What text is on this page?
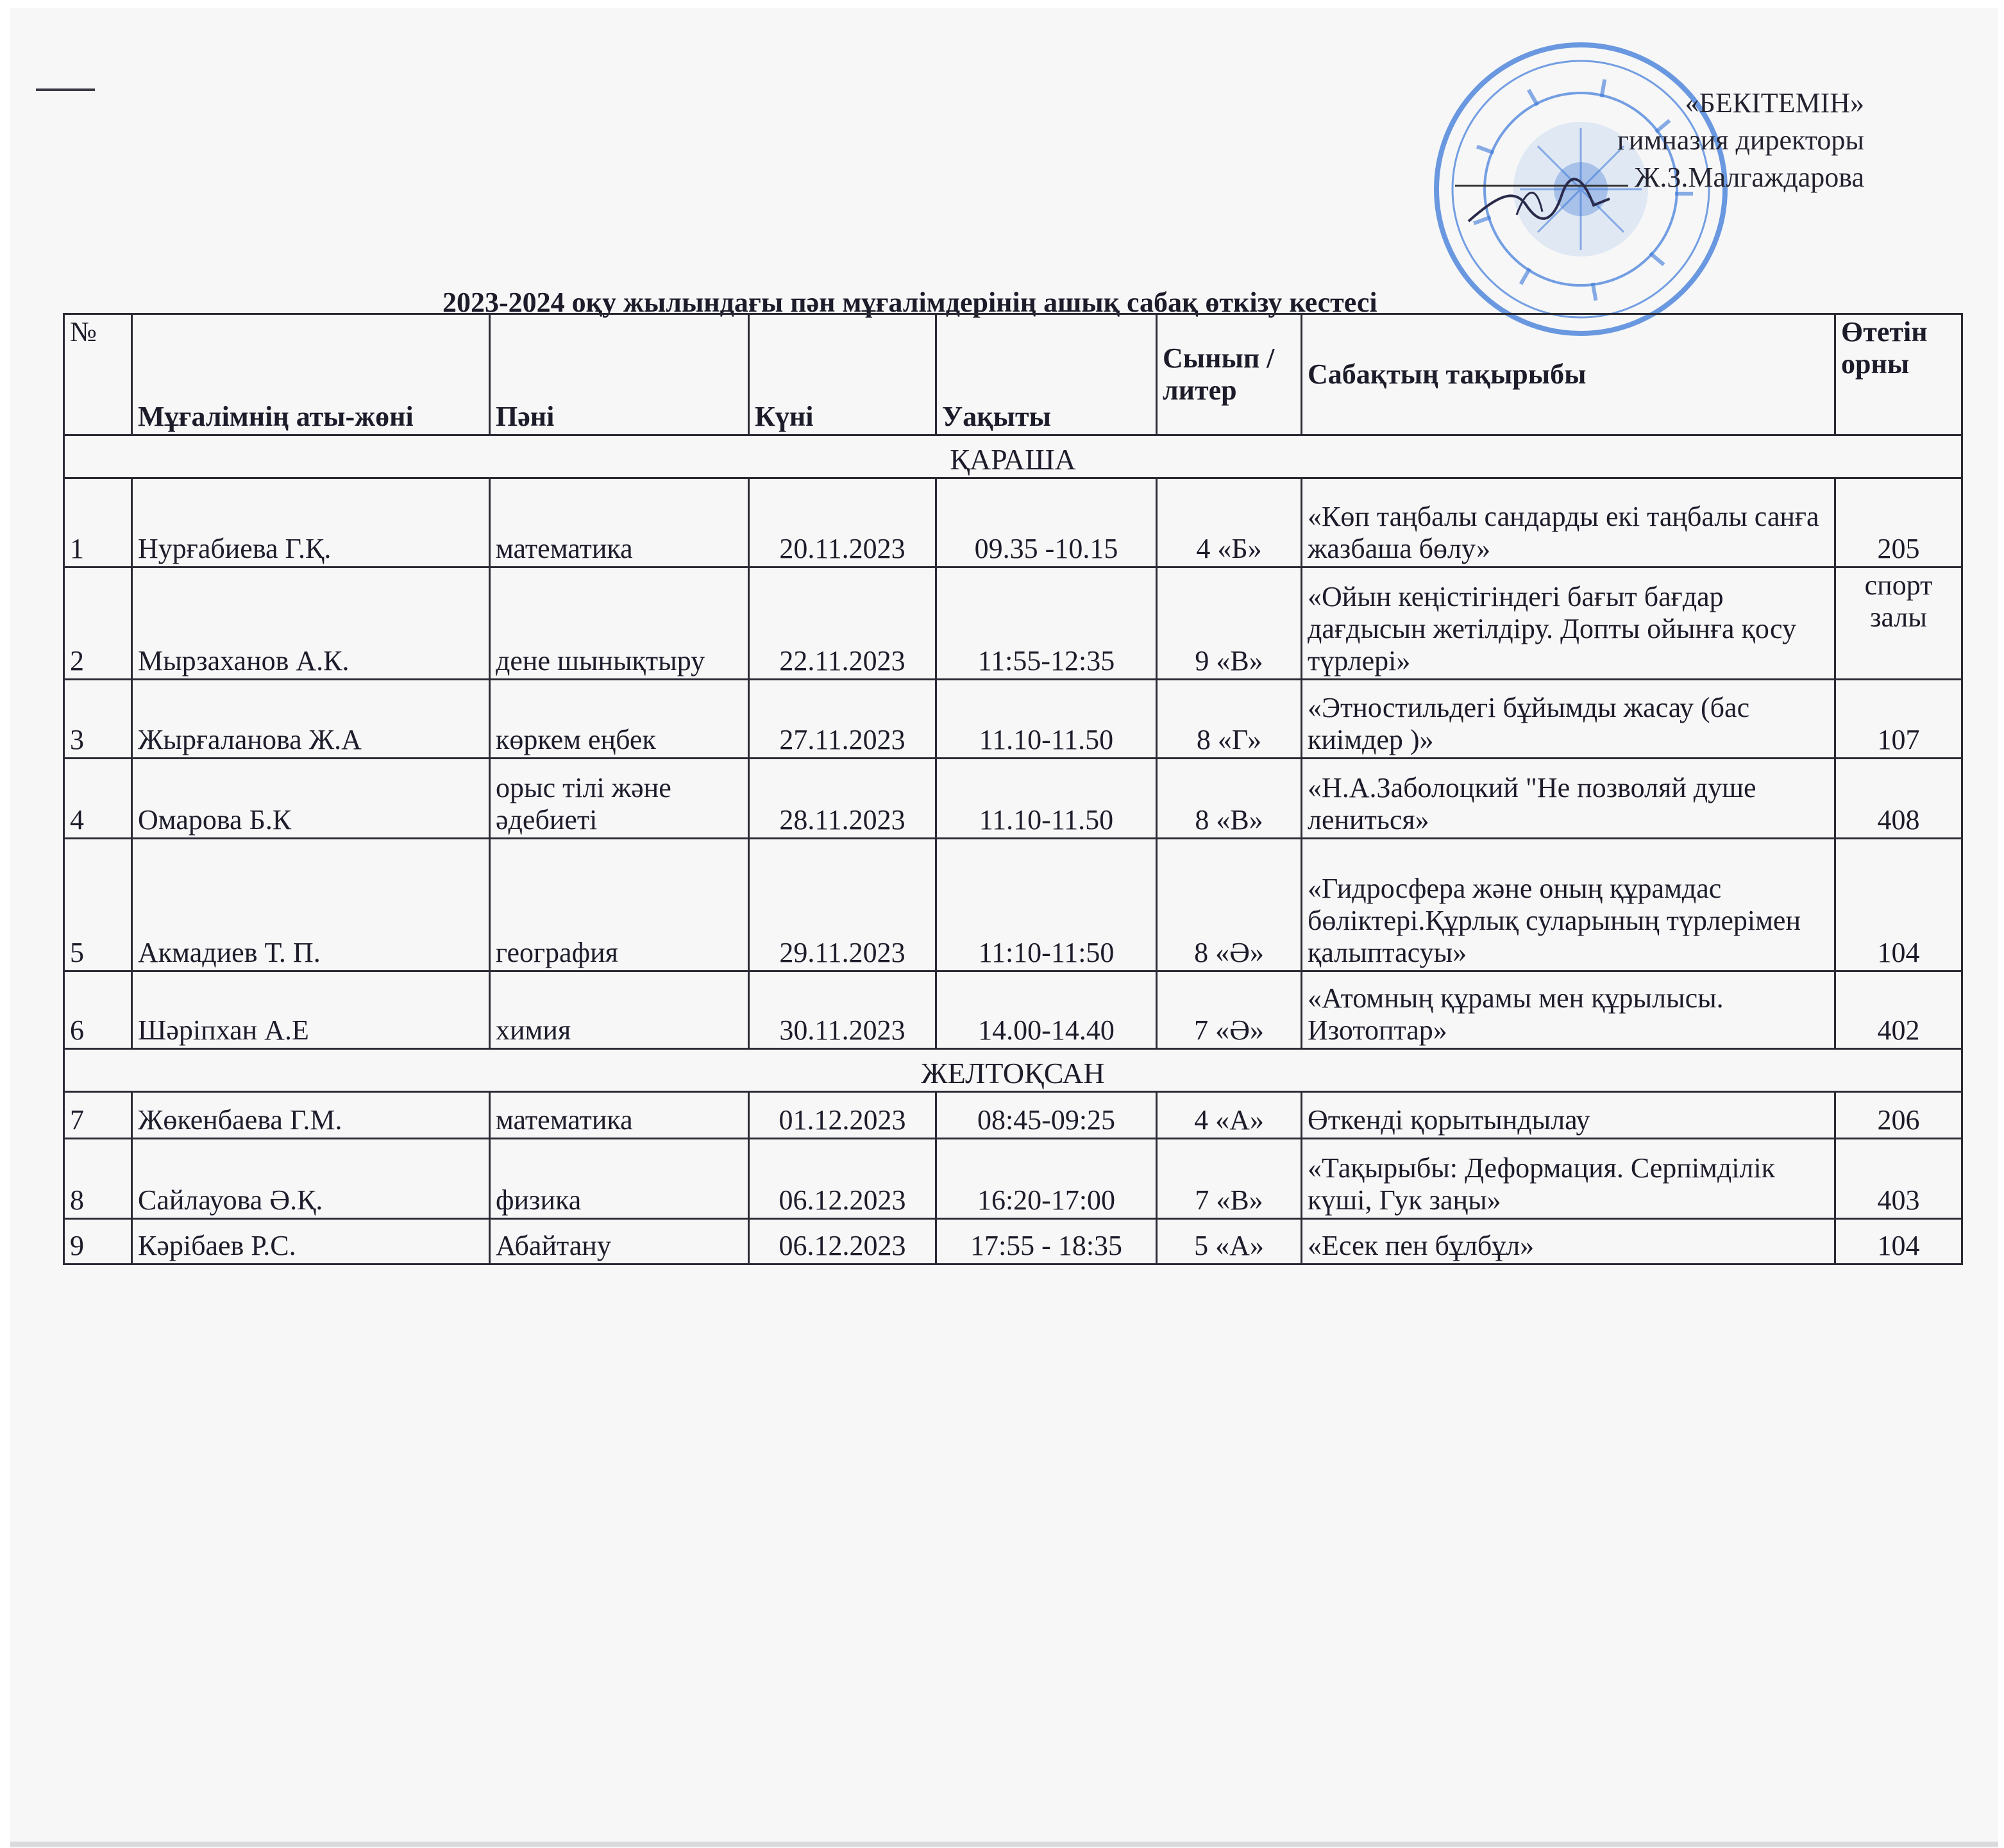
«БЕКІТЕМІН»
гимназия директоры
Ж.З.Малгаждарова
2023-2024 оқу жылындағы пән мұғалімдерінің ашық сабақ өткізу кестесі
№	Мұғалімнің аты-жөні	Пәні	Күні	Уақыты	Сынып /литер	Сабақтың тақырыбы	Өтетін орны
ҚАРАША							
1	Нурғабиева Г.Қ.	математика	20.11.2023	09.35 -10.15	4 «Б»	«Көп таңбалы сандарды екі таңбалы санға жазбаша бөлу»	205
2	Мырзаханов А.К.	дене шынықтыру	22.11.2023	11:55-12:35	9 «В»	«Ойын кеңістігіндегі бағыт бағдар дағдысын жетілдіру. Допты ойынға қосу түрлері»	спорт залы
3	Жырғаланова Ж.А	көркем еңбек	27.11.2023	11.10-11.50	8 «Г»	«Этностильдегі бұйымды жасау (бас киімдер )»	107
4	Омарова Б.К	орыс тілі және әдебиеті	28.11.2023	11.10-11.50	8 «В»	«Н.А.Заболоцкий "Не позволяй душе лениться»	408
5	Акмадиев Т. П.	география	29.11.2023	11:10-11:50	8 «Ә»	«Гидросфера және оның құрамдас бөліктері.Құрлық суларының түрлерімен қалыптасуы»	104
6	Шәріпхан А.Е	химия	30.11.2023	14.00-14.40	7 «Ә»	«Атомның құрамы мен құрылысы. Изотоптар»	402
ЖЕЛТОҚСАН							
7	Жөкенбаева Г.М.	математика	01.12.2023	08:45-09:25	4 «А»	Өткенді қорытындылау	206
8	Сайлауова Ә.Қ.	физика	06.12.2023	16:20-17:00	7 «В»	«Тақырыбы: Деформация. Серпімділік күші, Гук заңы»	403
9	Кәрібаев Р.С.	Абайтану	06.12.2023	17:55 - 18:35	5 «А»	«Есек пен бұлбұл»	104
